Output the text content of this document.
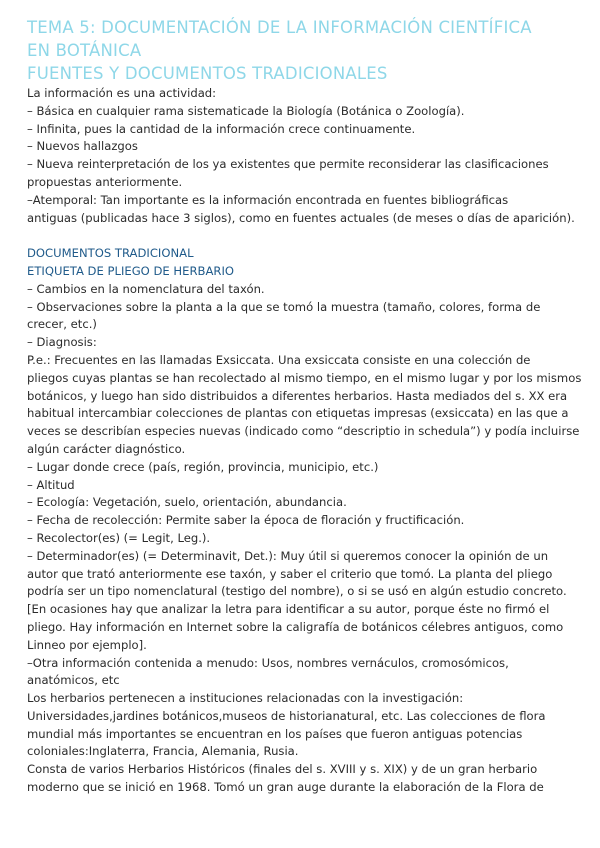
TEMA 5: DOCUMENTACIÓN DE LA INFORMACIÓN CIENTÍFICA
EN BOTÁNICA
FUENTES Y DOCUMENTOS TRADICIONALES
La información es una actividad:
– Básica en cualquier rama sistematicade la Biología (Botánica o Zoología).
– Infinita, pues la cantidad de la información crece continuamente.
– Nuevos hallazgos
– Nueva reinterpretación de los ya existentes que permite reconsiderar las clasificaciones
propuestas anteriormente.
–Atemporal: Tan importante es la información encontrada en fuentes bibliográficas
antiguas (publicadas hace 3 siglos), como en fuentes actuales (de meses o días de aparición).
DOCUMENTOS TRADICIONAL
ETIQUETA DE PLIEGO DE HERBARIO
– Cambios en la nomenclatura del taxón.
– Observaciones sobre la planta a la que se tomó la muestra (tamaño, colores, forma de
crecer, etc.)
– Diagnosis:
P.e.: Frecuentes en las llamadas Exsiccata. Una exsiccata consiste en una colección de
pliegos cuyas plantas se han recolectado al mismo tiempo, en el mismo lugar y por los mismos
botánicos, y luego han sido distribuidos a diferentes herbarios. Hasta mediados del s. XX era
habitual intercambiar colecciones de plantas con etiquetas impresas (exsiccata) en las que a
veces se describían especies nuevas (indicado como “descriptio in schedula”) y podía incluirse
algún carácter diagnóstico.
– Lugar donde crece (país, región, provincia, municipio, etc.)
– Altitud
– Ecología: Vegetación, suelo, orientación, abundancia.
– Fecha de recolección: Permite saber la época de floración y fructificación.
– Recolector(es) (= Legit, Leg.).
– Determinador(es) (= Determinavit, Det.): Muy útil si queremos conocer la opinión de un
autor que trató anteriormente ese taxón, y saber el criterio que tomó. La planta del pliego
podría ser un tipo nomenclatural (testigo del nombre), o si se usó en algún estudio concreto.
[En ocasiones hay que analizar la letra para identificar a su autor, porque éste no firmó el
pliego. Hay información en Internet sobre la caligrafía de botánicos célebres antiguos, como
Linneo por ejemplo].
–Otra información contenida a menudo: Usos, nombres vernáculos, cromosómicos,
anatómicos, etc
Los herbarios pertenecen a instituciones relacionadas con la investigación:
Universidades,jardines botánicos,museos de historianatural, etc. Las colecciones de flora
mundial más importantes se encuentran en los países que fueron antiguas potencias
coloniales:Inglaterra, Francia, Alemania, Rusia.
Consta de varios Herbarios Históricos (finales del s. XVIII y s. XIX) y de un gran herbario
moderno que se inició en 1968. Tomó un gran auge durante la elaboración de la Flora de
